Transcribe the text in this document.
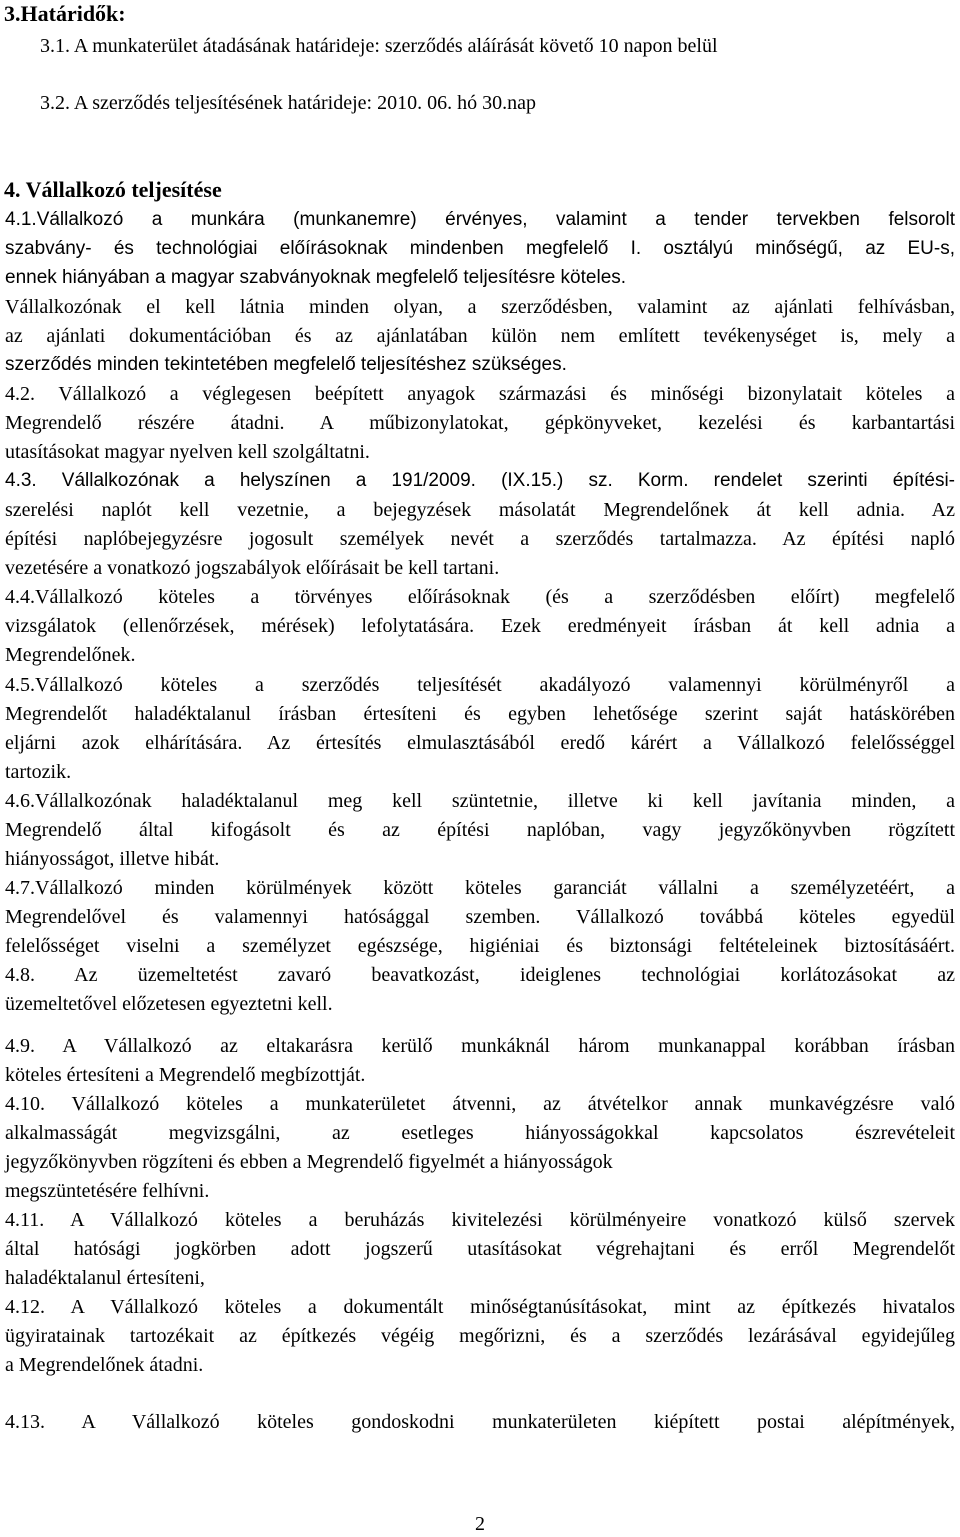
3.Határidők:
3.1. A munkaterület átadásának határideje: szerződés aláírását követő 10 napon belül
3.2. A szerződés teljesítésének határideje: 2010. 06. hó 30.nap
4. Vállalkozó teljesítése
4.1.Vállalkozó a munkára (munkanemre) érvényes, valamint a tender tervekben felsorolt
szabvány- és technológiai előírásoknak mindenben megfelelő I. osztályú minőségű, az EU-s,
ennek hiányában a magyar szabványoknak megfelelő teljesítésre köteles.
Vállalkozónak el kell látnia minden olyan, a szerződésben, valamint az ajánlati felhívásban,
az ajánlati dokumentációban és az ajánlatában külön nem említett tevékenységet is, mely a
szerződés minden tekintetében megfelelő teljesítéshez szükséges.
4.2. Vállalkozó a véglegesen beépített anyagok származási és minőségi bizonylatait köteles a
Megrendelő részére átadni. A műbizonylatokat, gépkönyveket, kezelési és karbantartási
utasításokat magyar nyelven kell szolgáltatni.
4.3. Vállalkozónak a helyszínen a 191/2009. (IX.15.) sz. Korm. rendelet szerinti építési-
szerelési naplót kell vezetnie, a bejegyzések másolatát Megrendelőnek át kell adnia. Az
építési naplóbejegyzésre jogosult személyek nevét a szerződés tartalmazza. Az építési napló
vezetésére a vonatkozó jogszabályok előírásait be kell tartani.
4.4.Vállalkozó köteles a törvényes előírásoknak (és a szerződésben előírt) megfelelő
vizsgálatok (ellenőrzések, mérések) lefolytatására. Ezek eredményeit írásban át kell adnia a
Megrendelőnek.
4.5.Vállalkozó köteles a szerződés teljesítését akadályozó valamennyi körülményről a
Megrendelőt haladéktalanul írásban értesíteni és egyben lehetősége szerint saját hatáskörében
eljárni azok elhárítására. Az értesítés elmulasztásából eredő kárért a Vállalkozó felelősséggel
tartozik.
4.6.Vállalkozónak haladéktalanul meg kell szüntetnie, illetve ki kell javítania minden, a
Megrendelő által kifogásolt és az építési naplóban, vagy jegyzőkönyvben rögzített
hiányosságot, illetve hibát.
4.7.Vállalkozó minden körülmények között köteles garanciát vállalni a személyzetéért, a
Megrendelővel és valamennyi hatósággal szemben. Vállalkozó továbbá köteles egyedül
felelősséget viselni a személyzet egészsége, higiéniai és biztonsági feltételeinek biztosításáért.
4.8. Az üzemeltetést zavaró beavatkozást, ideiglenes technológiai korlátozásokat az
üzemeltetővel előzetesen egyeztetni kell.
4.9. A Vállalkozó az eltakarásra kerülő munkáknál három munkanappal korábban írásban
köteles értesíteni a Megrendelő megbízottját.
4.10. Vállalkozó köteles a munkaterületet átvenni, az átvételkor annak munkavégzésre való
alkalmasságát megvizsgálni, az esetleges hiányosságokkal kapcsolatos észrevételeit
jegyzőkönyvben rögzíteni és ebben a Megrendelő figyelmét a hiányosságok
megszüntetésére felhívni.
4.11. A Vállalkozó köteles a beruházás kivitelezési körülményeire vonatkozó külső szervek
által hatósági jogkörben adott jogszerű utasításokat végrehajtani és erről Megrendelőt
haladéktalanul értesíteni,
4.12. A Vállalkozó köteles a dokumentált minőségtanúsításokat, mint az építkezés hivatalos
ügyiratainak tartozékait az építkezés végéig megőrizni, és a szerződés lezárásával egyidejűleg
a Megrendelőnek átadni.
4.13. A Vállalkozó köteles gondoskodni munkaterületen kiépített postai alépítmények,
2
